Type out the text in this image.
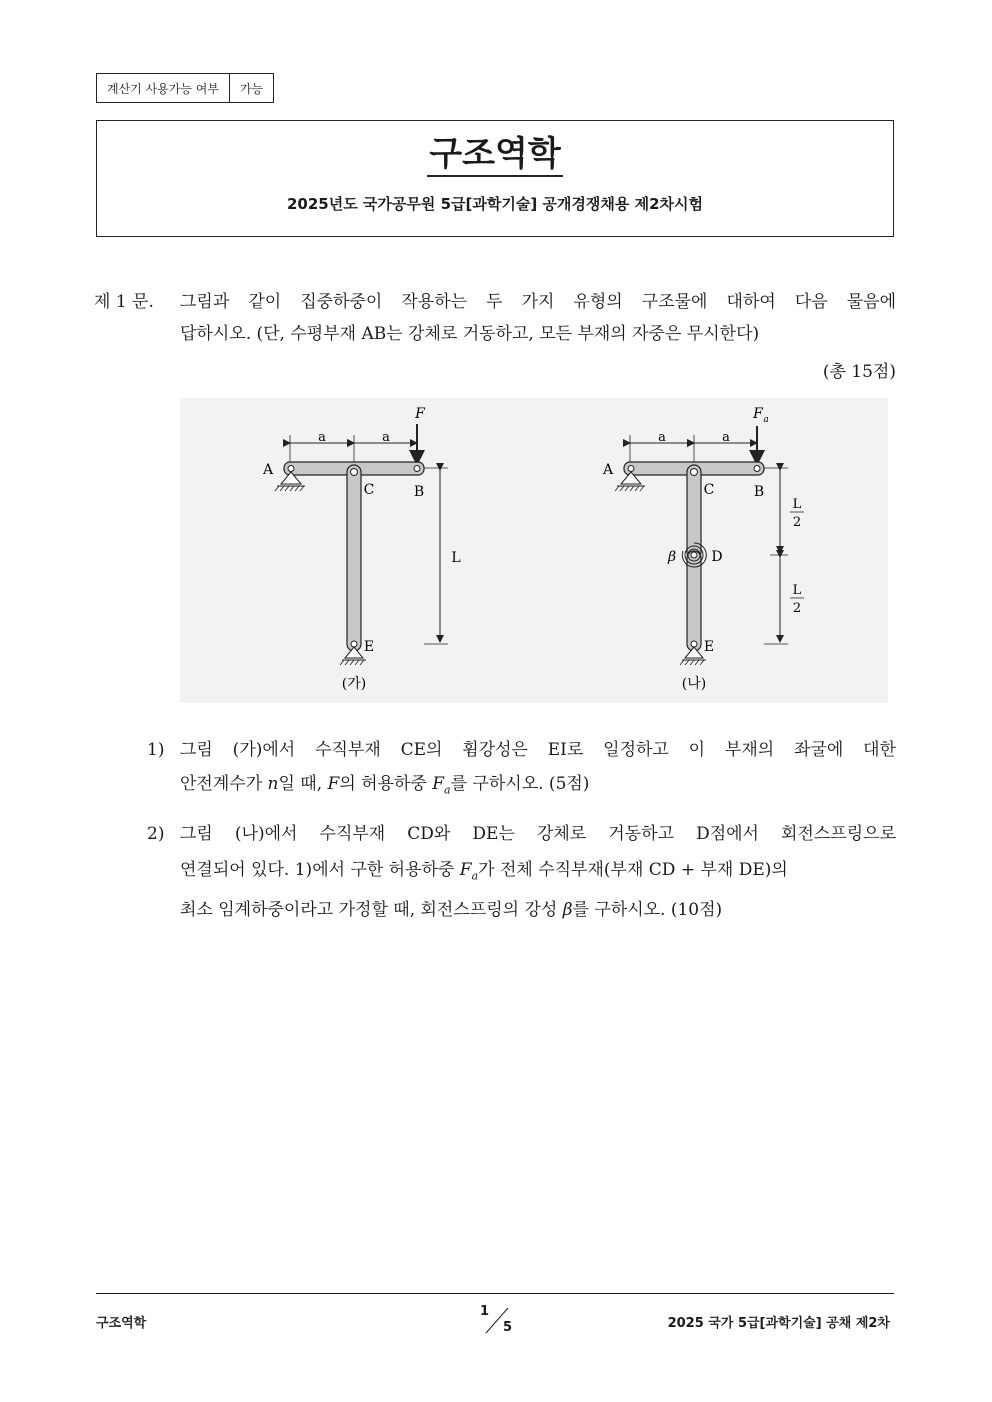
계산기 사용가능 여부	가능
구조역학
2025년도 국가공무원 5급[과학기술] 공개경쟁채용 제2차시험
제 1 문. 그림과 같이 집중하중이 작용하는 두 가지 유형의 구조물에 대하여 다음 물음에
답하시오. (단, 수평부재 AB는 강체로 거동하고, 모든 부재의 자중은 무시한다)
(총 15점)
a	a
F
A
C	B
E
L
(가)
a	a
F a
A
β	D
C	B
E
L
2
L
2
(나)
1) 그림 (가)에서 수직부재 CE의 휨강성은 EI로 일정하고 이 부재의 좌굴에 대한
안전계수가 n일 때, F의 허용하중 $F_a$를 구하시오. (5점)
2) 그림 (나)에서 수직부재 CD와 DE는 강체로 거동하고 D점에서 회전스프링으로
연결되어 있다. 1)에서 구한 허용하중 $F_a$가 전체 수직부재(부재 CD + 부재 DE)의
최소 임계하중이라고 가정할 때, 회전스프링의 강성 β를 구하시오. (10점)
구조역학
1
5	2025 국가 5급[과학기술] 공채 제2차
